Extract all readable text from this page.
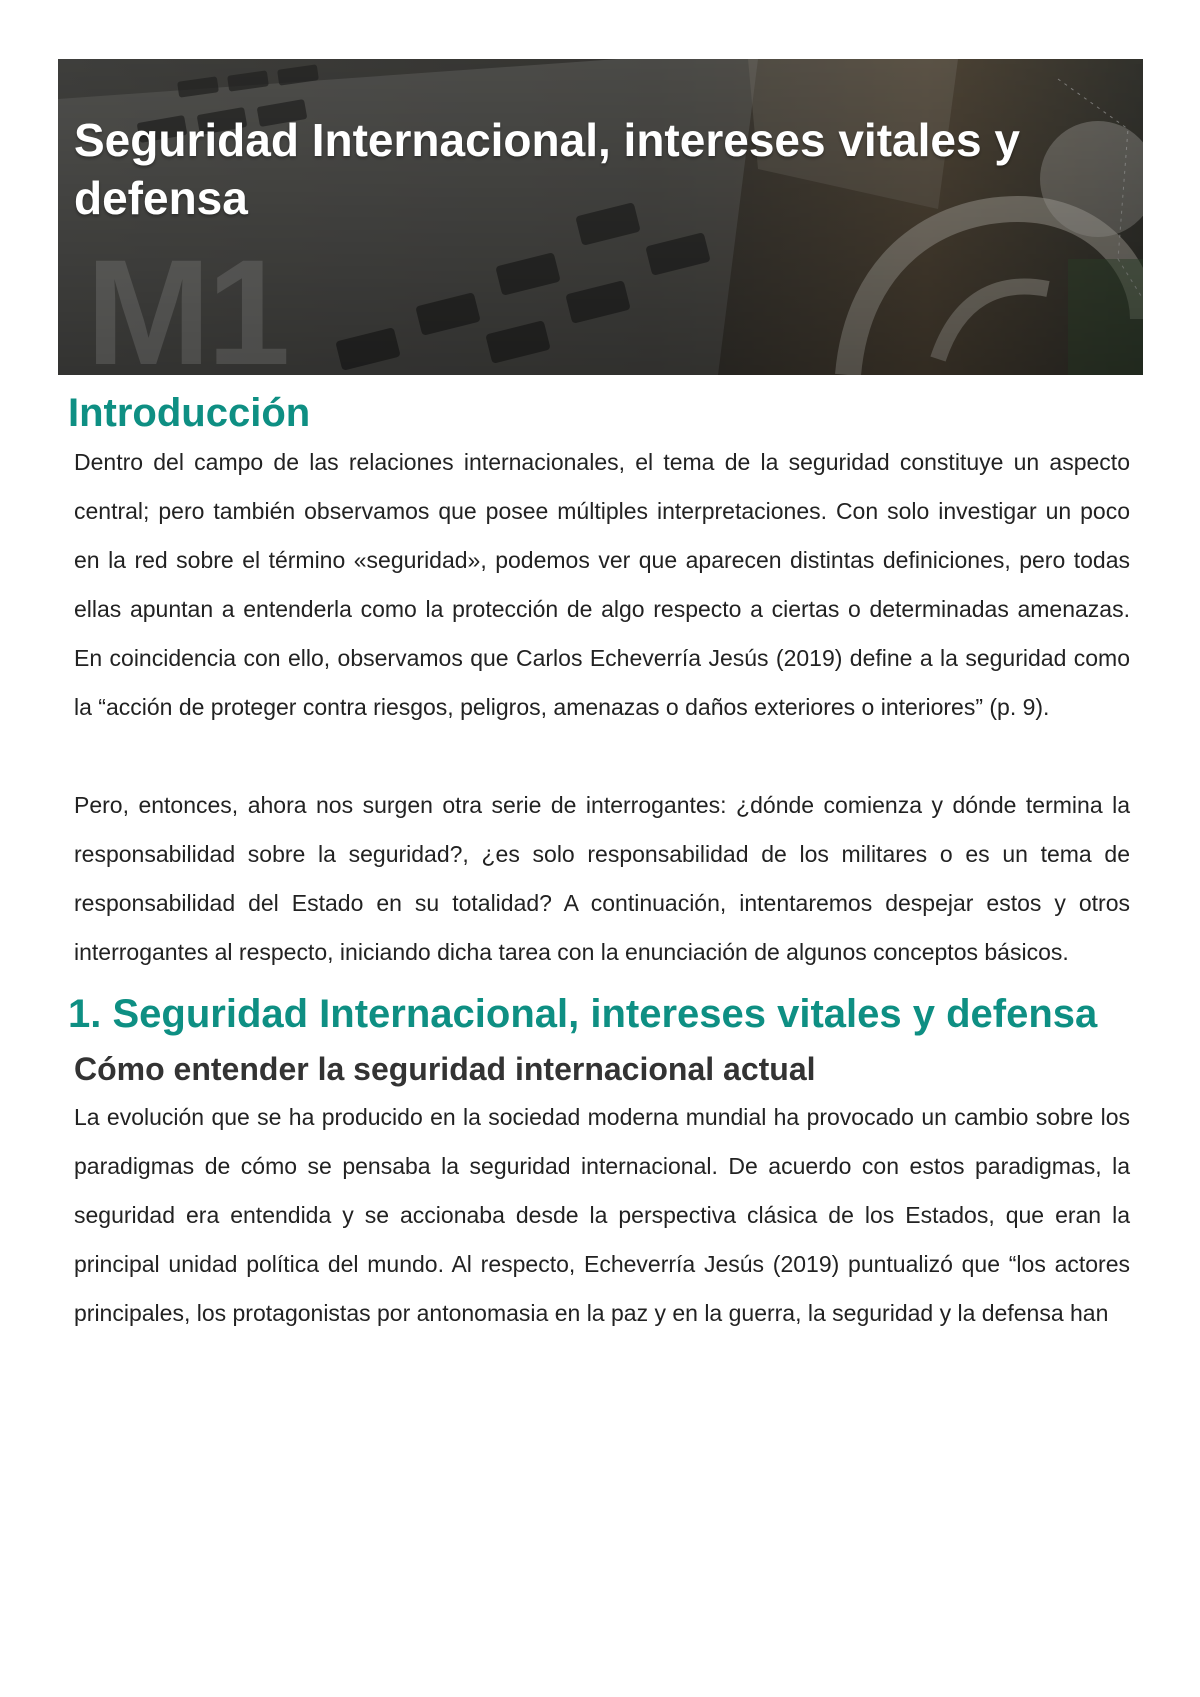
M1
Seguridad Internacional, intereses vitales y defensa
Introducción

Dentro del campo de las relaciones internacionales, el tema de la seguridad constituye un aspecto central; pero también observamos que posee múltiples interpretaciones. Con solo investigar un poco en la red sobre el término «seguridad», podemos ver que aparecen distintas definiciones, pero todas ellas apuntan a entenderla como la protección de algo respecto a ciertas o determinadas amenazas. En coincidencia con ello, observamos que Carlos Echeverría Jesús (2019) define a la seguridad como la “acción de proteger contra riesgos, peligros, amenazas o daños exteriores o interiores” (p. 9).

Pero, entonces, ahora nos surgen otra serie de interrogantes: ¿dónde comienza y dónde termina la responsabilidad sobre la seguridad?, ¿es solo responsabilidad de los militares o es un tema de responsabilidad del Estado en su totalidad? A continuación, intentaremos despejar estos y otros interrogantes al respecto, iniciando dicha tarea con la enunciación de algunos conceptos básicos.

1. Seguridad Internacional, intereses vitales y defensa
Cómo entender la seguridad internacional actual

La evolución que se ha producido en la sociedad moderna mundial ha provocado un cambio sobre los paradigmas de cómo se pensaba la seguridad internacional. De acuerdo con estos paradigmas, la seguridad era entendida y se accionaba desde la perspectiva clásica de los Estados, que eran la principal unidad política del mundo. Al respecto, Echeverría Jesús (2019) puntualizó que “los actores principales, los protagonistas por antonomasia en la paz y en la guerra, la seguridad y la defensa han
